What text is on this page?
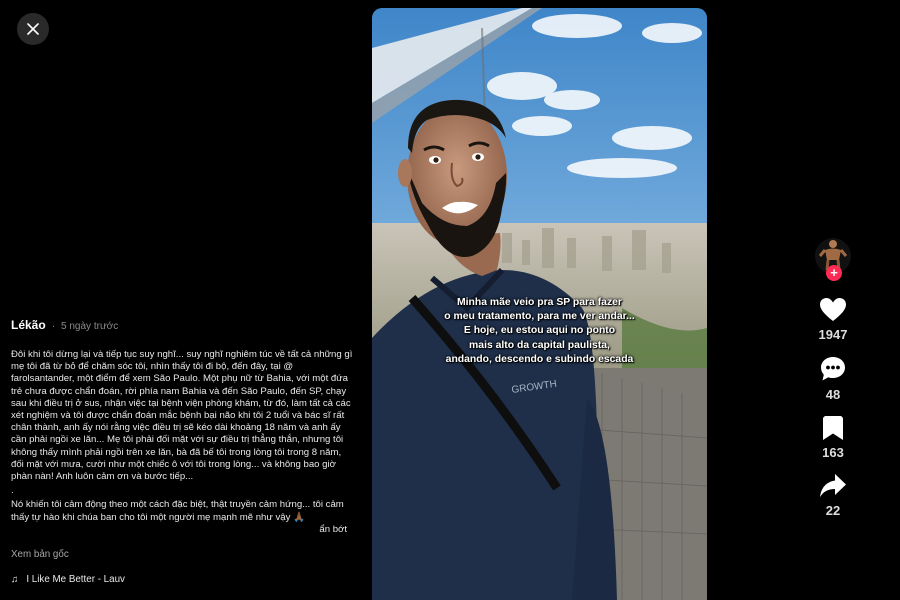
Lékão · 5 ngày trước
Đôi khi tôi dừng lại và tiếp tục suy nghĩ... suy nghĩ nghiêm túc về tất cả những gì mẹ tôi đã từ bỏ để chăm sóc tôi, nhìn thấy tôi đi bộ, đến đây, tại @ farolsantander, một điểm để xem São Paulo. Một phụ nữ từ Bahia, với một đứa trẻ chưa được chẩn đoán, rời phía nam Bahia và đến São Paulo, đến SP, chạy sau khi điều trị ở sus, nhận việc tại bệnh viện phòng khám, từ đó, làm tất cả các xét nghiệm và tôi được chẩn đoán mắc bệnh bại não khi tôi 2 tuổi và bác sĩ rất chân thành, anh ấy nói rằng việc điều trị sẽ kéo dài khoảng 18 năm và anh ấy cần phải ngồi xe lăn... Mẹ tôi phải đối mặt với sự điều trị thẳng thắn, nhưng tôi không thấy mình phải ngồi trên xe lăn, bà đã bế tôi trong lòng tôi trong 8 năm, đối mặt với mưa, cười như một chiếc ô với tôi trong lòng... và không bao giờ phàn nàn! Anh luôn cảm ơn và bước tiếp...
.
Nó khiến tôi cảm động theo một cách đặc biệt, thật truyền cảm hứng... tôi cảm thấy tự hào khi chúa ban cho tôi một người mẹ mạnh mẽ như vậy 🙏🏾
ẩn bớt
Xem bản gốc
♫ I Like Me Better - Lauv
GROWTH
Minha mãe veio pra SP para fazer
o meu tratamento, para me ver andar...
E hoje, eu estou aqui no ponto
mais alto da capital paulista,
andando, descendo e subindo escada
+
1947
48
163
22
